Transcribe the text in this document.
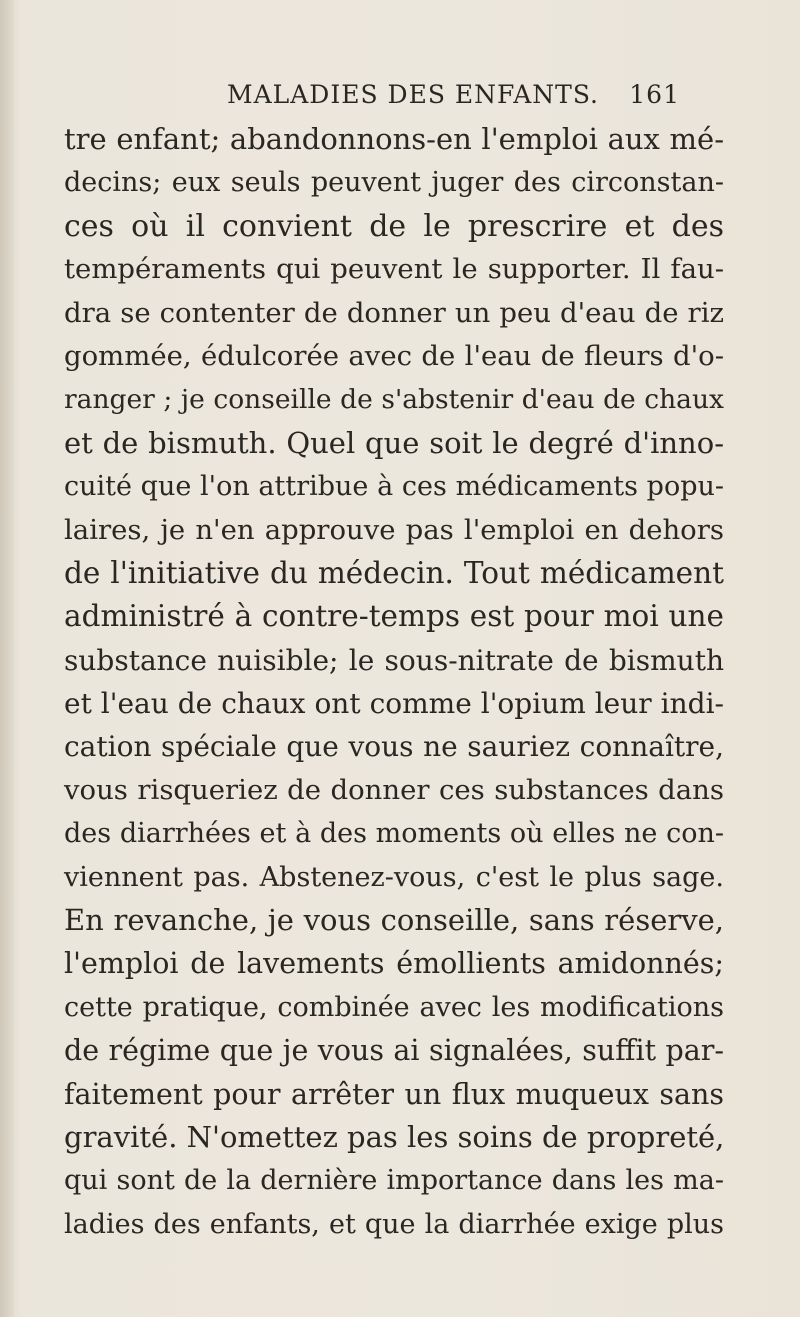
MALADIES DES ENFANTS. 161
tre enfant; abandonnons-en l'emploi aux mé-
decins; eux seuls peuvent juger des circonstan-
ces où il convient de le prescrire et des
tempéraments qui peuvent le supporter. Il fau-
dra se contenter de donner un peu d'eau de riz
gommée, édulcorée avec de l'eau de fleurs d'o-
ranger ; je conseille de s'abstenir d'eau de chaux
et de bismuth. Quel que soit le degré d'inno-
cuité que l'on attribue à ces médicaments popu-
laires, je n'en approuve pas l'emploi en dehors
de l'initiative du médecin. Tout médicament
administré à contre-temps est pour moi une
substance nuisible; le sous-nitrate de bismuth
et l'eau de chaux ont comme l'opium leur indi-
cation spéciale que vous ne sauriez connaître,
vous risqueriez de donner ces substances dans
des diarrhées et à des moments où elles ne con-
viennent pas. Abstenez-vous, c'est le plus sage.
En revanche, je vous conseille, sans réserve,
l'emploi de lavements émollients amidonnés;
cette pratique, combinée avec les modifications
de régime que je vous ai signalées, suffit par-
faitement pour arrêter un flux muqueux sans
gravité. N'omettez pas les soins de propreté,
qui sont de la dernière importance dans les ma-
ladies des enfants, et que la diarrhée exige plus
